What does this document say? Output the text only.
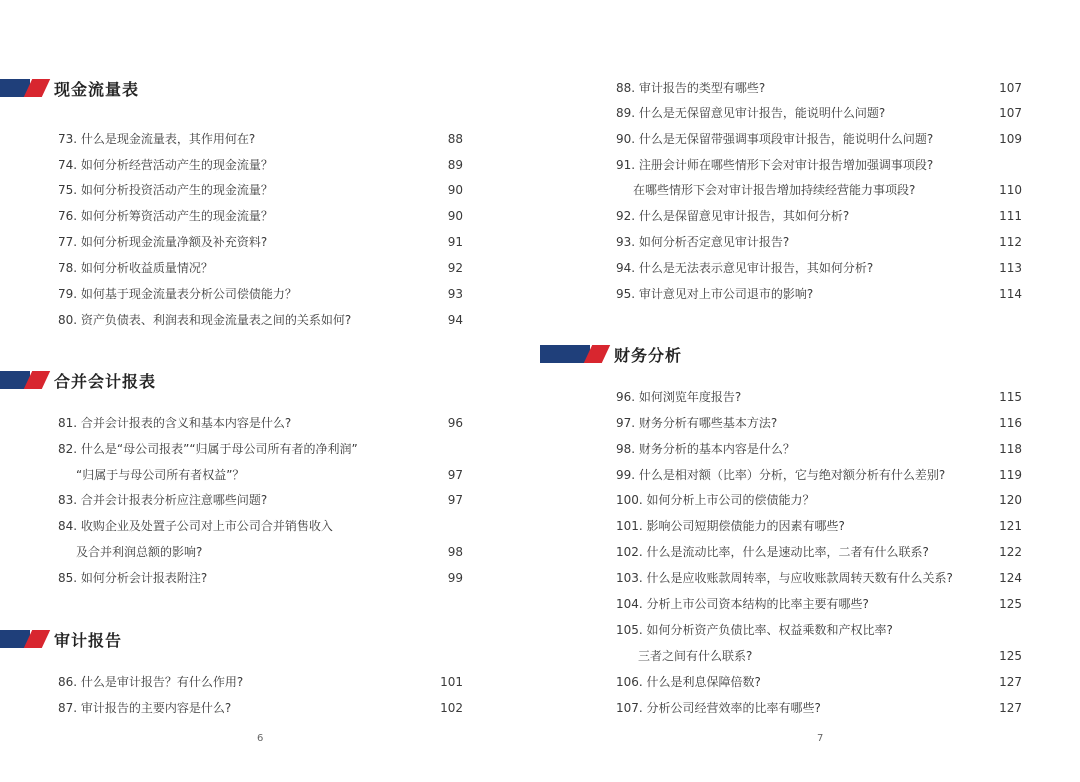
现金流量表
73. 什么是现金流量表，其作用何在?	88
74. 如何分析经营活动产生的现金流量？	89
75. 如何分析投资活动产生的现金流量？	90
76. 如何分析筹资活动产生的现金流量？	90
77. 如何分析现金流量净额及补充资料?	91
78. 如何分析收益质量情况？	92
79. 如何基于现金流量表分析公司偿债能力？	93
80. 资产负债表、利润表和现金流量表之间的关系如何?	94
合并会计报表
81. 合并会计报表的含义和基本内容是什么?	96
82. 什么是“母公司报表”“归属于母公司所有者的净利润”
“归属于与母公司所有者权益”？	97
83. 合并会计报表分析应注意哪些问题?	97
84. 收购企业及处置子公司对上市公司合并销售收入
及合并利润总额的影响?	98
85. 如何分析会计报表附注?	99
审计报告
86. 什么是审计报告？有什么作用?	101
87. 审计报告的主要内容是什么?	102
6
88. 审计报告的类型有哪些?	107
89. 什么是无保留意见审计报告，能说明什么问题?	107
90. 什么是无保留带强调事项段审计报告，能说明什么问题?	109
91. 注册会计师在哪些情形下会对审计报告增加强调事项段?
在哪些情形下会对审计报告增加持续经营能力事项段?	110
92. 什么是保留意见审计报告，其如何分析?	111
93. 如何分析否定意见审计报告?	112
94. 什么是无法表示意见审计报告，其如何分析?	113
95. 审计意见对上市公司退市的影响?	114
财务分析
96. 如何浏览年度报告?	115
97. 财务分析有哪些基本方法?	116
98. 财务分析的基本内容是什么？	118
99. 什么是相对额（比率）分析，它与绝对额分析有什么差别?	119
100. 如何分析上市公司的偿债能力？	120
101. 影响公司短期偿债能力的因素有哪些?	121
102. 什么是流动比率，什么是速动比率，二者有什么联系?	122
103. 什么是应收账款周转率，与应收账款周转天数有什么关系?	124
104. 分析上市公司资本结构的比率主要有哪些?	125
105. 如何分析资产负债比率、权益乘数和产权比率?
三者之间有什么联系?	125
106. 什么是利息保障倍数?	127
107. 分析公司经营效率的比率有哪些?	127
7
